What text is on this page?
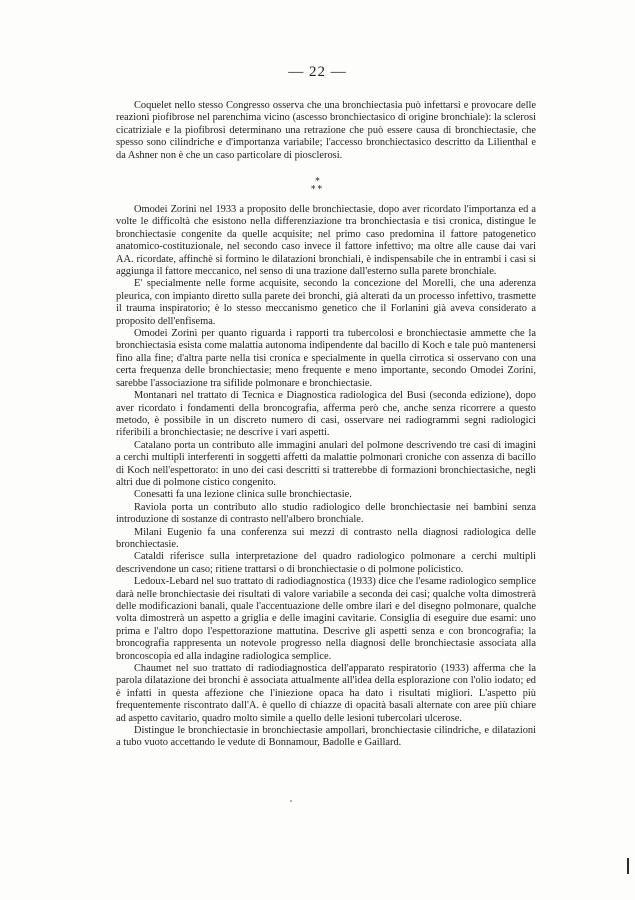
— 22 —

Coquelet nello stesso Congresso osserva che una bronchiectasia può infettarsi e provocare delle reazioni piofibrose nel parenchima vicino (ascesso bronchiectasico di origine bronchiale): la sclerosi cicatriziale e la piofibrosi determinano una retrazione che può essere causa di bronchiectasie, che spesso sono cilindriche e d'importanza variabile; l'accesso bronchiectasico descritto da Lilienthal e da Ashner non è che un caso particolare di piosclerosi.

*
**

Omodei Zorini nel 1933 a proposito delle bronchiectasie, dopo aver ricordato l'importanza ed a volte le difficoltà che esistono nella differenziazione tra bronchiectasia e tisi cronica, distingue le bronchiectasie congenite da quelle acquisite; nel primo caso predomina il fattore patogenetico anatomico-costituzionale, nel secondo caso invece il fattore infettivo; ma oltre alle cause dai vari AA. ricordate, affinchè si formino le dilatazioni bronchiali, è indispensabile che in entrambi i casi si aggiunga il fattore meccanico, nel senso di una trazione dall'esterno sulla parete bronchiale.

E' specialmente nelle forme acquisite, secondo la concezione del Morelli, che una aderenza pleurica, con impianto diretto sulla parete dei bronchi, già alterati da un processo infettivo, trasmette il trauma inspiratorio; è lo stesso meccanismo genetico che il Forlanini già aveva considerato a proposito dell'enfisema.

Omodei Zorini per quanto riguarda i rapporti tra tubercolosi e bronchiectasie ammette che la bronchiectasia esista come malattia autonoma indipendente dal bacillo di Koch e tale può mantenersi fino alla fine; d'altra parte nella tisi cronica e specialmente in quella cirrotica si osservano con una certa frequenza delle bronchiectasie; meno frequente e meno importante, secondo Omodei Zorini, sarebbe l'associazione tra sifilide polmonare e bronchiectasie.

Montanari nel trattato di Tecnica e Diagnostica radiologica del Busi (seconda edizione), dopo aver ricordato i fondamenti della broncografia, afferma però che, anche senza ricorrere a questo metodo, è possibile in un discreto numero di casi, osservare nei radiogrammi segni radiologici riferibili a bronchiectasie; ne descrive i vari aspetti.

Catalano porta un contributo alle immagini anulari del polmone descrivendo tre casi di imagini a cerchi multipli interferenti in soggetti affetti da malattie polmonari croniche con assenza di bacillo di Koch nell'espettorato: in uno dei casi descritti si tratterebbe di formazioni bronchiectasiche, negli altri due di polmone cistico congenito.

Conesatti fa una lezione clinica sulle bronchiectasie.

Raviola porta un contributo allo studio radiologico delle bronchiectasie nei bambini senza introduzione di sostanze di contrasto nell'albero bronchiale.

Milani Eugenio fa una conferenza sui mezzi di contrasto nella diagnosi radiologica delle bronchiectasie.

Cataldi riferisce sulla interpretazione del quadro radiologico polmonare a cerchi multipli descrivendone un caso; ritiene trattarsi o di bronchiectasie o di polmone policistico.

Ledoux-Lebard nel suo trattato di radiodiagnostica (1933) dice che l'esame radiologico semplice darà nelle bronchiectasie dei risultati di valore variabile a seconda dei casi; qualche volta dimostrerà delle modificazioni banali, quale l'accentuazione delle ombre ilari e del disegno polmonare, qualche volta dimostrerà un aspetto a griglia e delle imagini cavitarie. Consiglia di eseguire due esami: uno prima e l'altro dopo l'espettorazione mattutina. Descrive gli aspetti senza e con broncografia; la broncografia rappresenta un notevole progresso nella diagnosi delle bronchiectasie associata alla broncoscopia ed alla indagine radiologica semplice.

Chaumet nel suo trattato di radiodiagnostica dell'apparato respiratorio (1933) afferma che la parola dilatazione dei bronchi è associata attualmente all'idea della esplorazione con l'olio iodato; ed è infatti in questa affezione che l'iniezione opaca ha dato i risultati migliori. L'aspetto più frequentemente riscontrato dall'A. è quello di chiazze di opacità basali alternate con aree più chiare ad aspetto cavitario, quadro molto simile a quello delle lesioni tubercolari ulcerose.

Distingue le bronchiectasie in bronchiectasie ampollari, bronchiectasie cilindriche, e dilatazioni a tubo vuoto accettando le vedute di Bonnamour, Badolle e Gaillard.
